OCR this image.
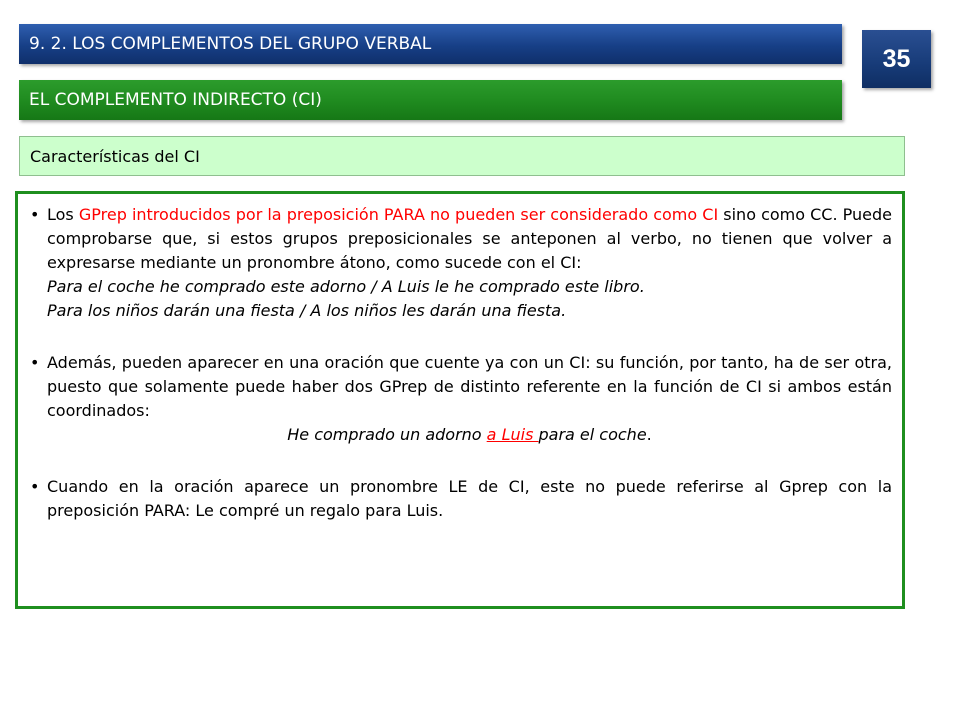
9. 2. LOS COMPLEMENTOS DEL GRUPO VERBAL
35
EL COMPLEMENTO INDIRECTO (CI)
Características del CI
• Los GPrep introducidos por la preposición PARA no pueden ser considerado como CI sino como CC. Puede comprobarse que, si estos grupos preposicionales se anteponen al verbo, no tienen que volver a expresarse mediante un pronombre átono, como sucede con el CI:
Para el coche he comprado este adorno / A Luis le he comprado este libro.
Para los niños darán una fiesta / A los niños les darán una fiesta.
• Además, pueden aparecer en una oración que cuente ya con un CI: su función, por tanto, ha de ser otra, puesto que solamente puede haber dos GPrep de distinto referente en la función de CI si ambos están coordinados:
He comprado un adorno a Luis para el coche.
• Cuando en la oración aparece un pronombre LE de CI, este no puede referirse al Gprep con la preposición PARA: Le compré un regalo para Luis.
